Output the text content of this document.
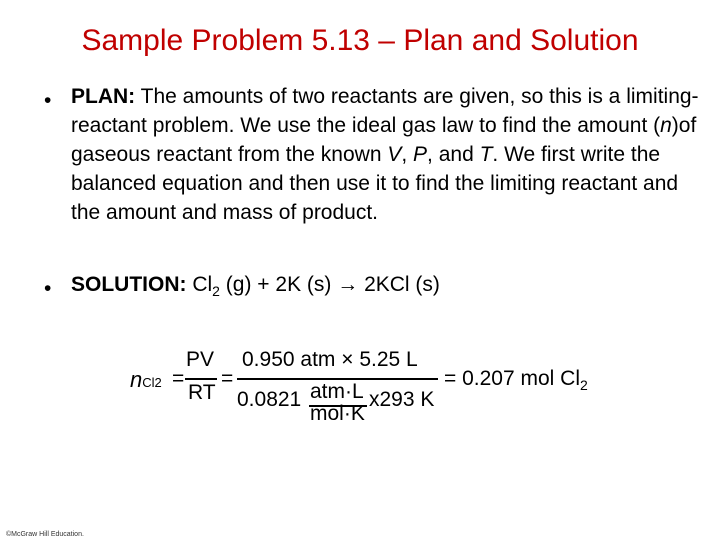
Sample Problem 5.13 – Plan and Solution
• PLAN: The amounts of two reactants are given, so this is a limiting-reactant problem. We use the ideal gas law to find the amount (n)of gaseous reactant from the known V, P, and T. We first write the balanced equation and then use it to find the limiting reactant and the amount and mass of product.
• SOLUTION: $Cl_2$ (g) + 2K (s) → 2KCl (s)
nCl2 =
PV
RT
=
0.950 atm × 5.25 L
0.0821 atm·L
mol·K
x293 K
= 0.207 mol $Cl_2$
©McGraw Hill Education.
